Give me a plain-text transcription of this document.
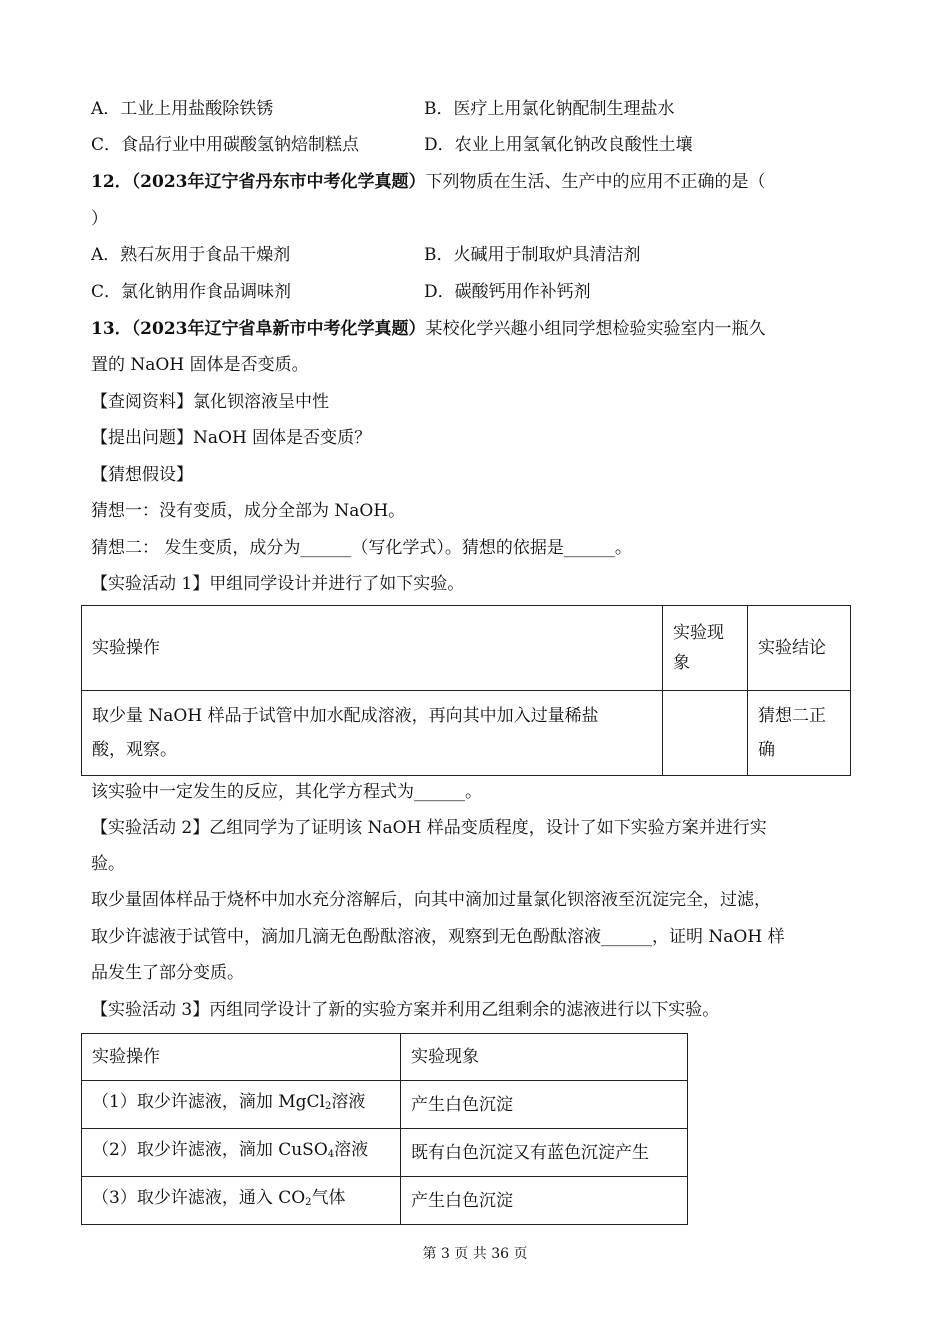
A．工业上用盐酸除铁锈	B．医疗上用氯化钠配制生理盐水
C．食品行业中用碳酸氢钠焙制糕点	D．农业上用氢氧化钠改良酸性土壤
12．（2023年辽宁省丹东市中考化学真题）下列物质在生活、生产中的应用不正确的是（
）
A．熟石灰用于食品干燥剂	B．火碱用于制取炉具清洁剂
C．氯化钠用作食品调味剂	D．碳酸钙用作补钙剂
13．（2023年辽宁省阜新市中考化学真题）某校化学兴趣小组同学想检验实验室内一瓶久
置的 NaOH 固体是否变质。
【查阅资料】氯化钡溶液呈中性
【提出问题】NaOH 固体是否变质？
【猜想假设】
猜想一：没有变质，成分全部为 NaOH。
猜想二： 发生变质，成分为______（写化学式）。猜想的依据是______。
【实验活动 1】甲组同学设计并进行了如下实验。
实验操作	实验现象	实验结论

取少量 NaOH 样品于试管中加水配成溶液，再向其中加入过量稀盐
酸，观察。		猜想二正确
该实验中一定发生的反应，其化学方程式为______。
【实验活动 2】乙组同学为了证明该 NaOH 样品变质程度，设计了如下实验方案并进行实
验。
取少量固体样品于烧杯中加水充分溶解后，向其中滴加过量氯化钡溶液至沉淀完全，过滤，
取少许滤液于试管中，滴加几滴无色酚酞溶液，观察到无色酚酞溶液______，证明 NaOH 样
品发生了部分变质。
【实验活动 3】丙组同学设计了新的实验方案并利用乙组剩余的滤液进行以下实验。
实验操作	实验现象
（1）取少许滤液，滴加 MgCl$_2$溶液	产生白色沉淀
（2）取少许滤液，滴加 CuSO$_4$溶液	既有白色沉淀又有蓝色沉淀产生
（3）取少许滤液，通入 $CO_2$气体	产生白色沉淀
第 3 页 共 36 页
